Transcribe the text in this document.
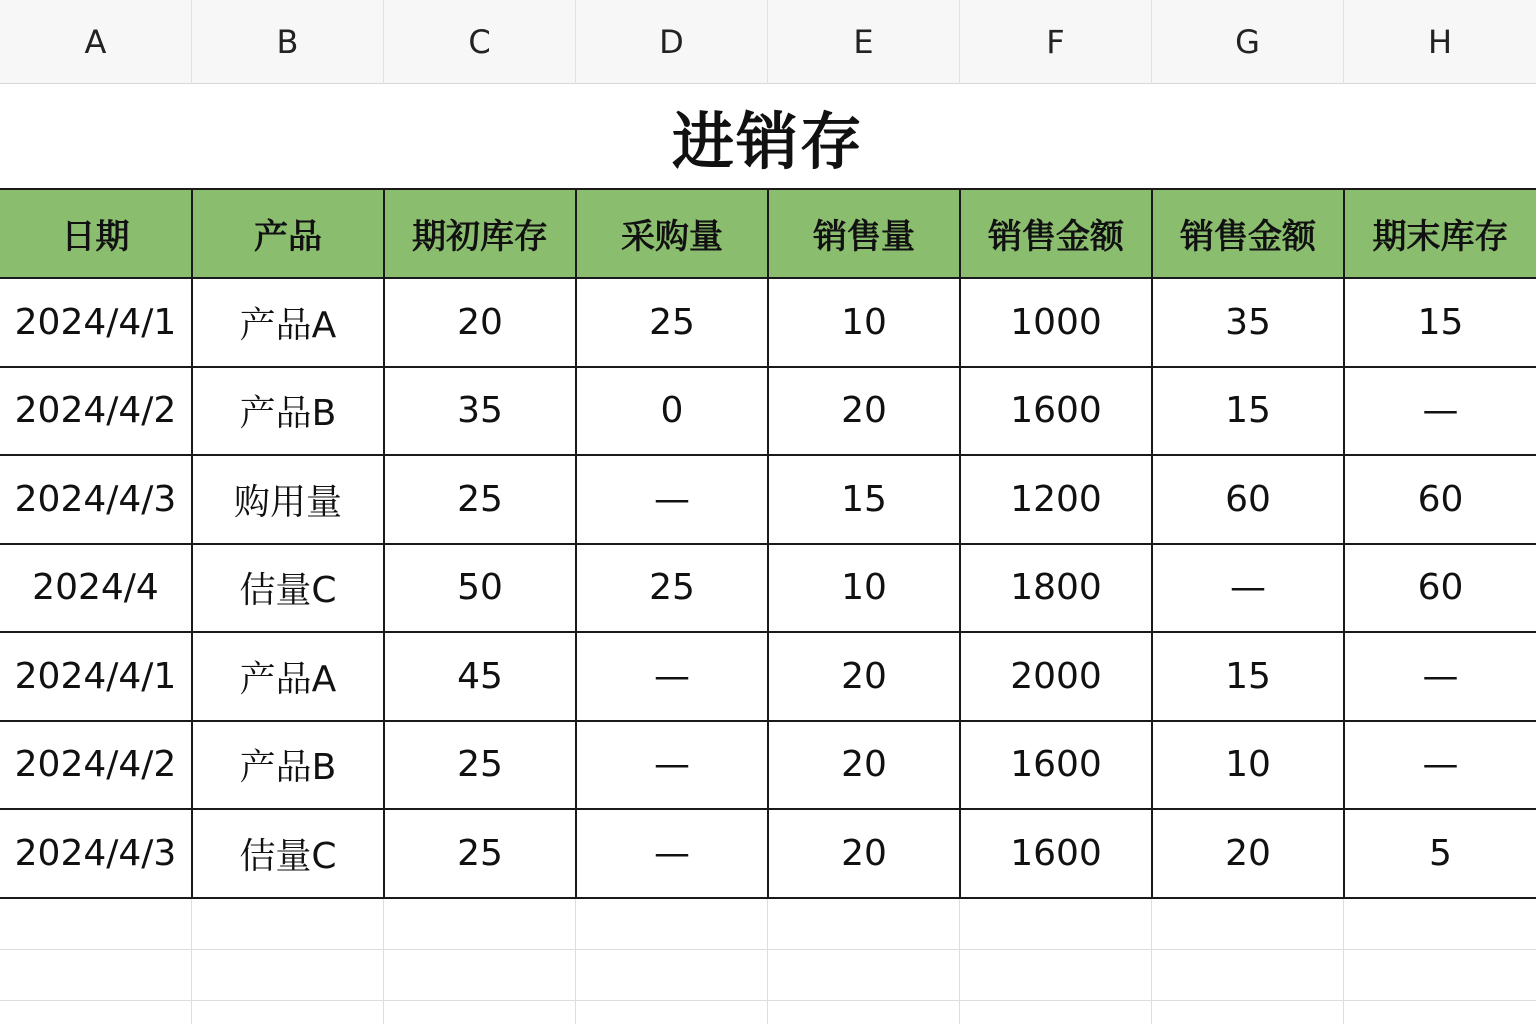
A	B	C	D	E	F	G	H
进销存
日期	产品	期初库存	采购量	销售量	销售金额	销售金额	期末库存
2024/4/1	产品A	20	25	10	1000	35	15
2024/4/2	产品B	35	0	20	1600	15	—
2024/4/3	购用量	25	—	15	1200	60	60
2024/4	佶量C	50	25	10	1800	—	60
2024/4/1	产品A	45	—	20	2000	15	—
2024/4/2	产品B	25	—	20	1600	10	—
2024/4/3	佶量C	25	—	20	1600	20	5
